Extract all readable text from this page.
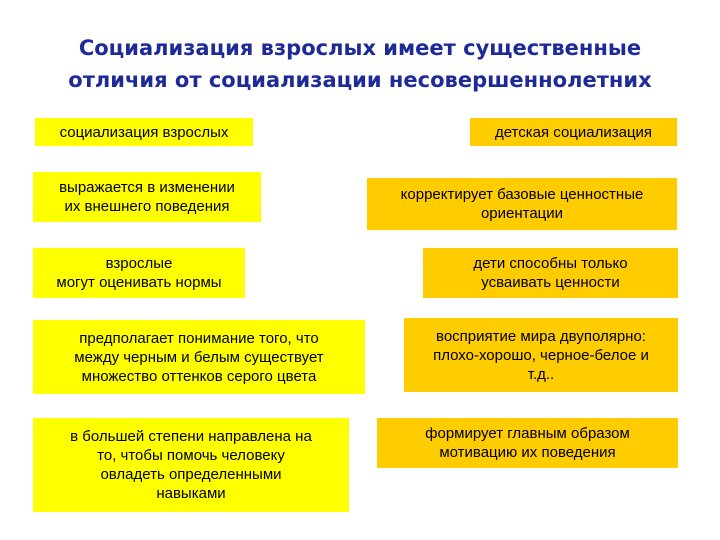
Социализация взрослых имеет существенные
отличия от социализации несовершеннолетних
социализация взрослых
выражается в изменении
их внешнего поведения
взрослые
могут оценивать нормы
предполагает понимание того, что
между черным и белым существует
множество оттенков серого цвета
в большей степени направлена на
то, чтобы помочь человеку
овладеть определенными
навыками
детская социализация
корректирует базовые ценностные
ориентации
дети способны только
усваивать ценности
восприятие мира двуполярно:
плохо-хорошо, черное-белое и
т.д..
формирует главным образом
мотивацию их поведения
